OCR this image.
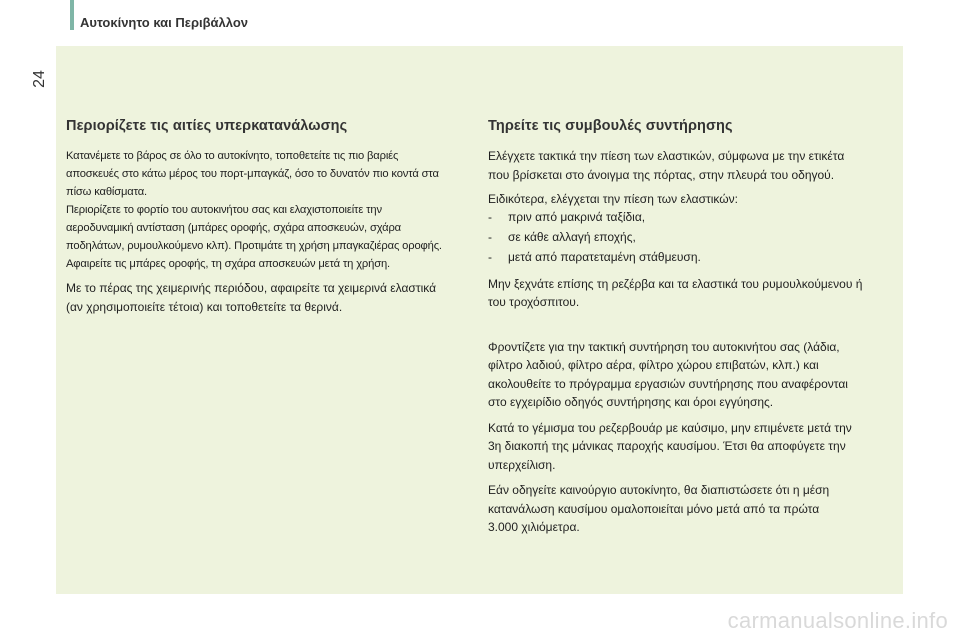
Αυτοκίνητο και Περιβάλλον
24
Περιορίζετε τις αιτίες υπερκατανάλωσης

Κατανέμετε το βάρος σε όλο το αυτοκίνητο, τοποθετείτε τις πιο βαριές

αποσκευές στο κάτω μέρος του πορτ-μπαγκάζ, όσο το δυνατόν πιο κοντά στα

πίσω καθίσματα.

Περιορίζετε το φορτίο του αυτοκινήτου σας και ελαχιστοποιείτε την

αεροδυναμική αντίσταση (μπάρες οροφής, σχάρα αποσκευών, σχάρα

ποδηλάτων, ρυμουλκούμενο κλπ). Προτιμάτε τη χρήση μπαγκαζιέρας οροφής.

Αφαιρείτε τις μπάρες οροφής, τη σχάρα αποσκευών μετά τη χρήση.

Με το πέρας της χειμερινής περιόδου, αφαιρείτε τα χειμερινά ελαστικά

(αν χρησιμοποιείτε τέτοια) και τοποθετείτε τα θερινά.

Τηρείτε τις συμβουλές συντήρησης

Ελέγχετε τακτικά την πίεση των ελαστικών, σύμφωνα με την ετικέτα

που βρίσκεται στο άνοιγμα της πόρτας, στην πλευρά του οδηγού.

Ειδικότερα, ελέγχεται την πίεση των ελαστικών:

- πριν από μακρινά ταξίδια,
- σε κάθε αλλαγή εποχής,
- μετά από παρατεταμένη στάθμευση.

Μην ξεχνάτε επίσης τη ρεζέρβα και τα ελαστικά του ρυμουλκούμενου ή

του τροχόσπιτου.

Φροντίζετε για την τακτική συντήρηση του αυτοκινήτου σας (λάδια,

φίλτρο λαδιού, φίλτρο αέρα, φίλτρο χώρου επιβατών, κλπ.) και

ακολουθείτε το πρόγραμμα εργασιών συντήρησης που αναφέρονται

στο εγχειρίδιο οδηγός συντήρησης και όροι εγγύησης.

Κατά το γέμισμα του ρεζερβουάρ με καύσιμο, μην επιμένετε μετά την

3η διακοπή της μάνικας παροχής καυσίμου. Έτσι θα αποφύγετε την

υπερχείλιση.

Εάν οδηγείτε καινούργιο αυτοκίνητο, θα διαπιστώσετε ότι η μέση

κατανάλωση καυσίμου ομαλοποιείται μόνο μετά από τα πρώτα

3.000 χιλιόμετρα.

carmanualsonline.info
